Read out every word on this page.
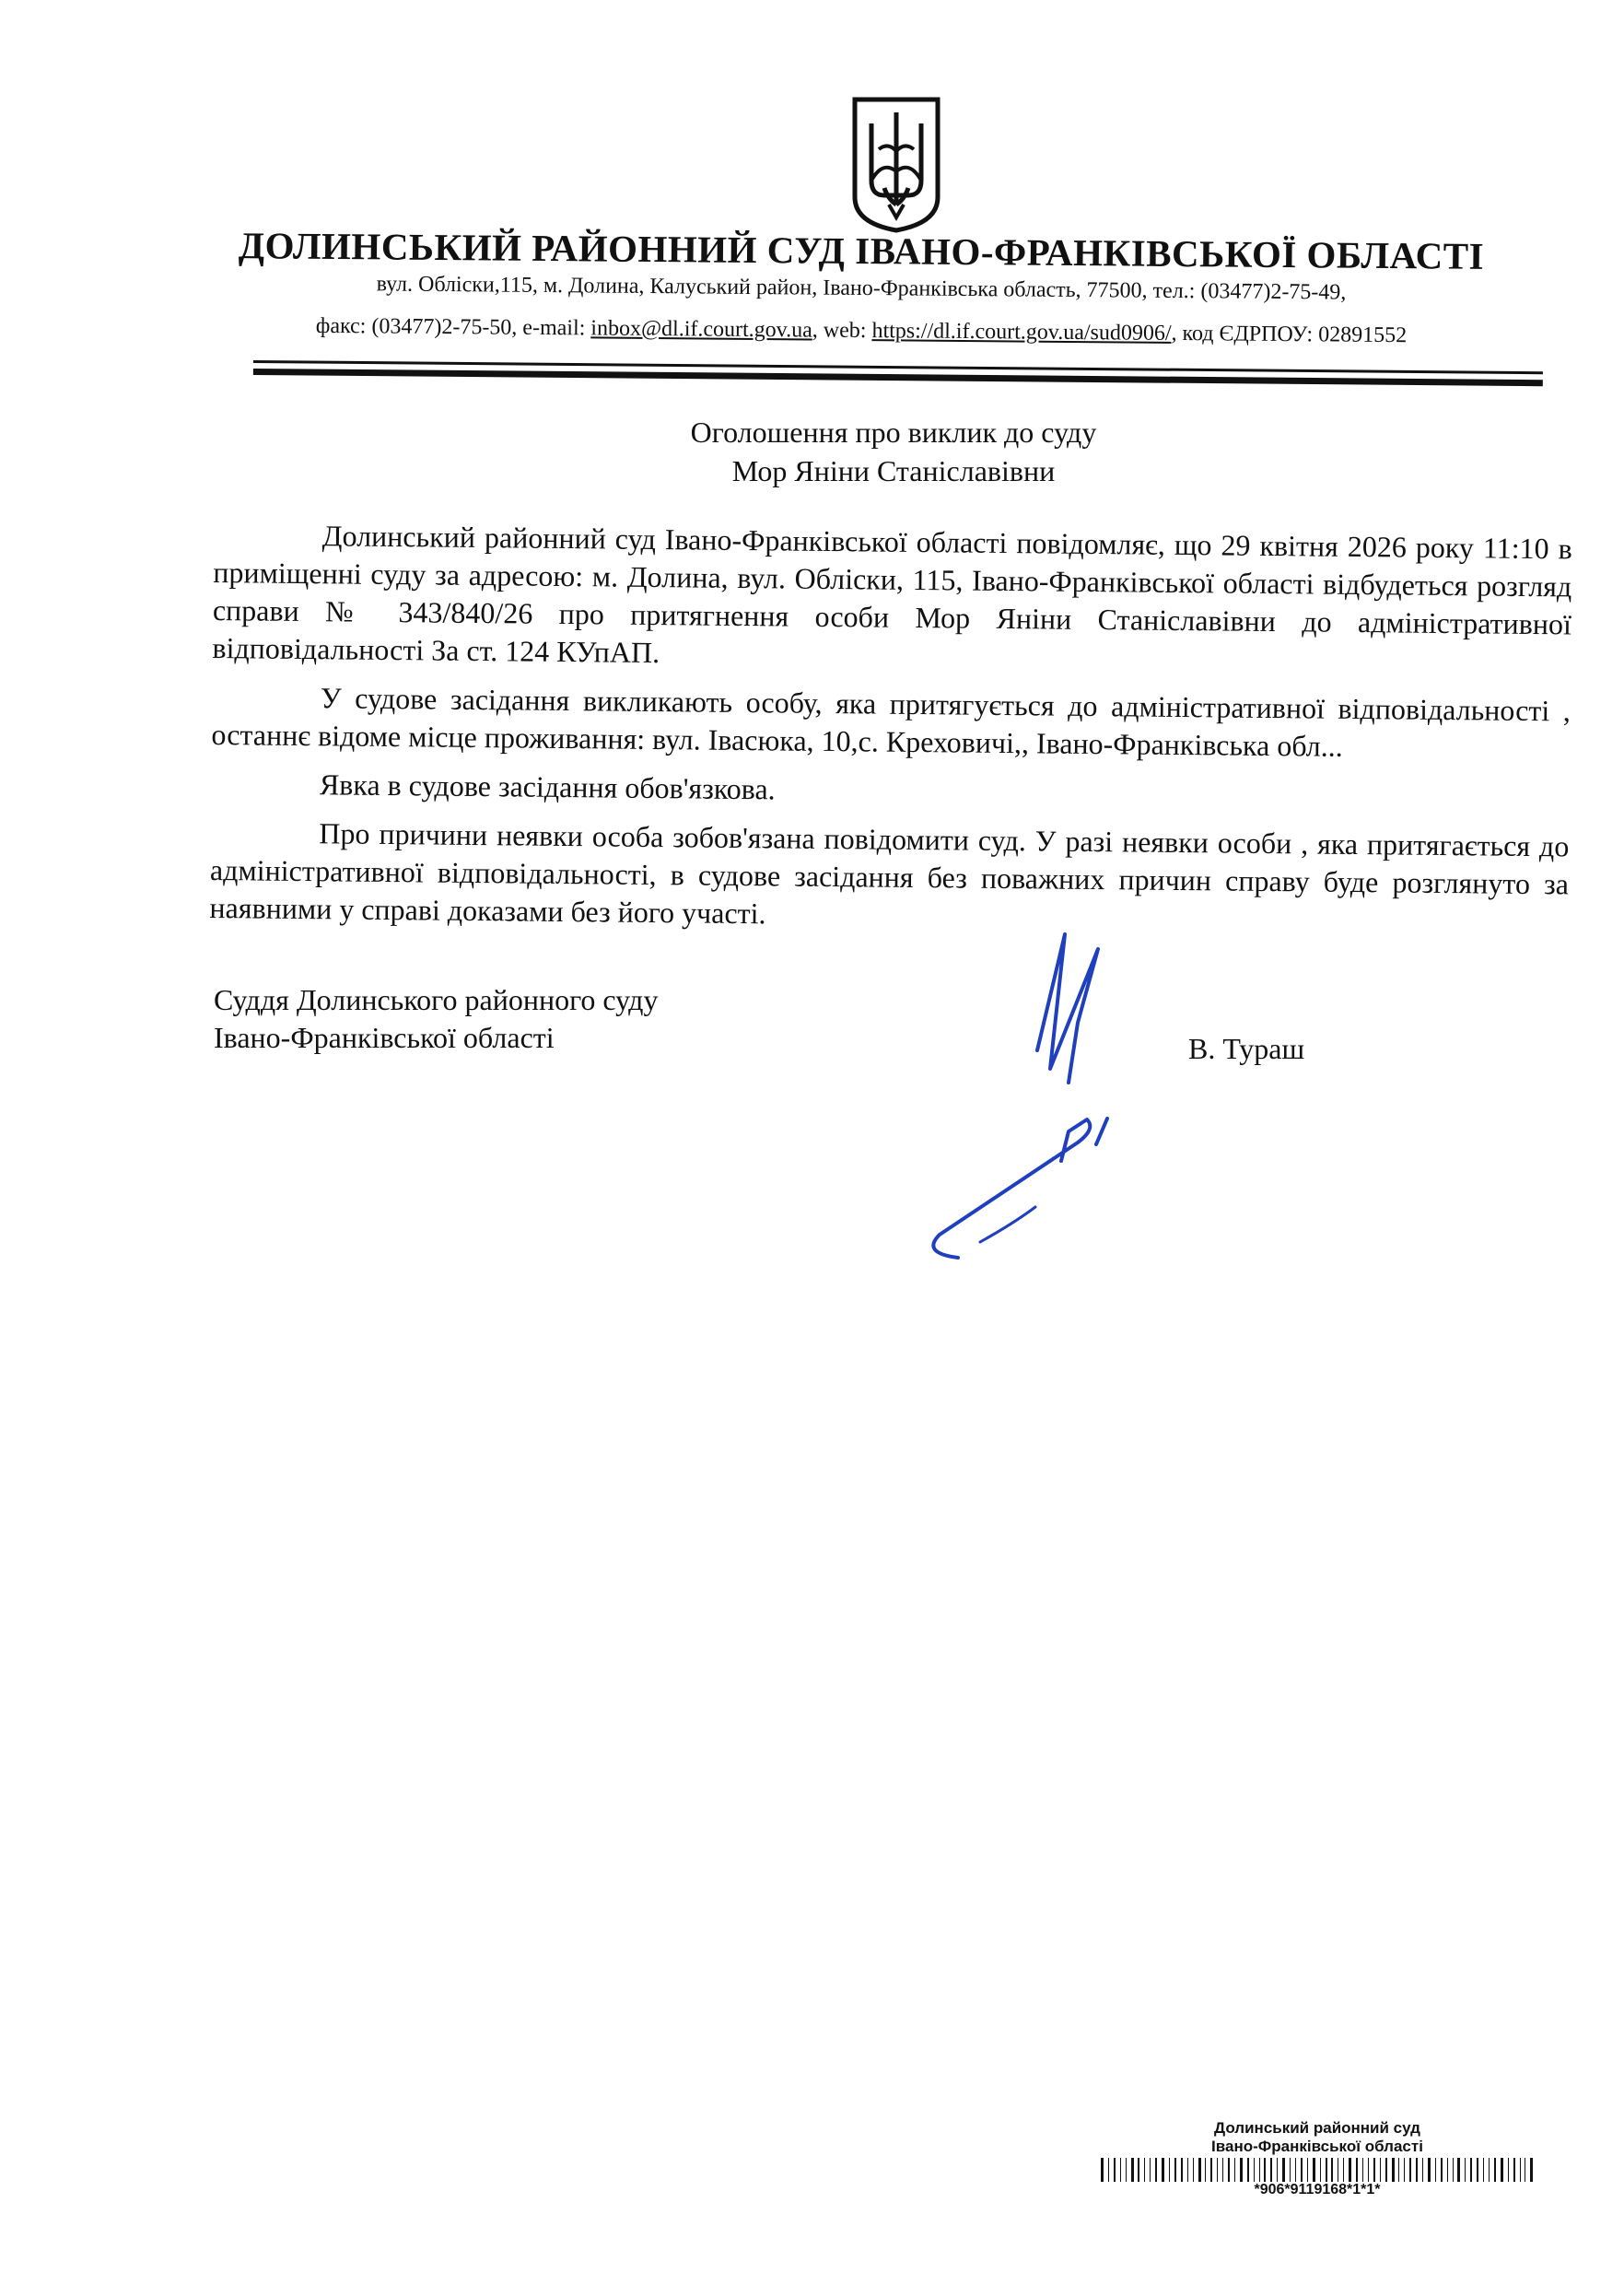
ДОЛИНСЬКИЙ РАЙОННИЙ СУД ІВАНО-ФРАНКІВСЬКОЇ ОБЛАСТІ
вул. Обліски,115, м. Долина, Калуський район, Івано-Франківська область, 77500, тел.: (03477)2-75-49,
факс: (03477)2-75-50, e-mail: inbox@dl.if.court.gov.ua, web: https://dl.if.court.gov.ua/sud0906/, код ЄДРПОУ: 02891552
Оголошення про виклик до суду
Мор Яніни Станіславівни

Долинський районний суд Івано-Франківської області повідомляє, що 29 квітня 2026 року 11:10 в приміщенні суду за адресою: м. Долина, вул. Обліски, 115, Івано-Франківської області відбудеться розгляд справи № 343/840/26 про притягнення особи Мор Яніни Станіславівни до адміністративної відповідальності За ст. 124 КУпАП.

У судове засідання викликають особу, яка притягується до адміністративної відповідальності , останнє відоме місце проживання: вул. Івасюка, 10,с. Креховичі,, Івано-Франківська обл...

Явка в судове засідання обов'язкова.

Про причини неявки особа зобов'язана повідомити суд. У разі неявки особи , яка притягається до адміністративної відповідальності, в судове засідання без поважних причин справу буде розглянуто за наявними у справі доказами без його участі.

Суддя Долинського районного суду
Івано-Франківської області	В. Тураш
Долинський районний суд
Івано-Франківської області
*906*9119168*1*1*
